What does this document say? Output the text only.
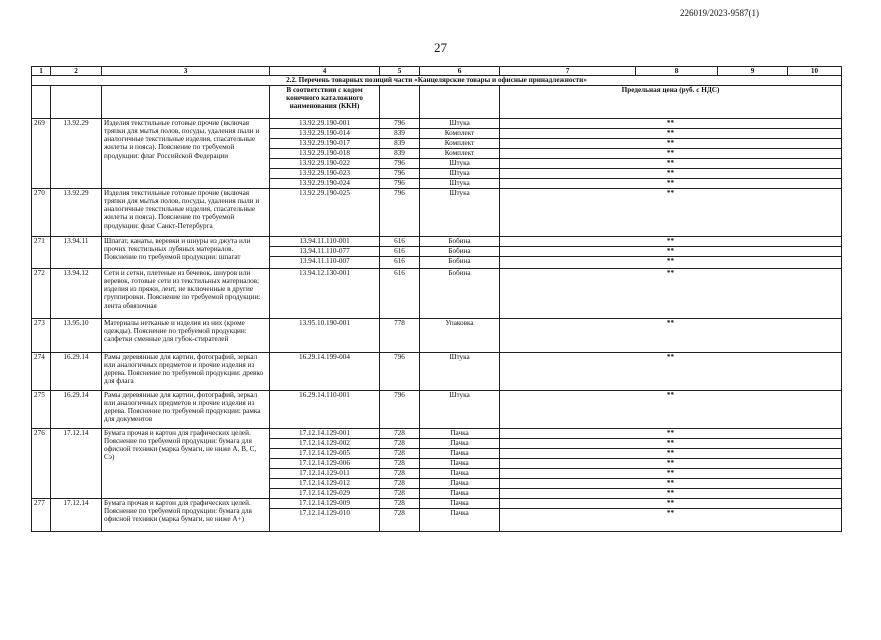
226019/2023-9587(1)
27
1	2	3	4	5	6	7	8	9	10
2.2. Перечень товарных позиций части «Канцелярские товары и офисные принадлежности»									
			В соответствии с кодом конечного каталожного наименования (ККН)			Предельная цена (руб. с НДС)			
269	13.92.29	Изделия текстильные готовые прочие (включая тряпки для мытья полов, посуды, удаления пыли и аналогичные текстильные изделия, спасательные жилеты и пояса). Пояснение по требуемой продукции: флаг Российской Федерации	13.92.29.190-001	796	Штука	**			
			13.92.29.190-014	839	Комплект	**			
			13.92.29.190-017	839	Комплект	**			
			13.92.29.190-018	839	Комплект	**			
			13.92.29.190-022	796	Штука	**			
			13.92.29.190-023	796	Штука	**			
			13.92.29.190-024	796	Штука	**			
270	13.92.29	Изделия текстильные готовые прочие (включая тряпки для мытья полов, посуды, удаления пыли и аналогичные текстильные изделия, спасательные жилеты и пояса). Пояснение по требуемой продукции: флаг Санкт-Петербурга	13.92.29.190-025	796	Штука	**			
271	13.94.11	Шпагат, канаты, веревки и шнуры из джута или прочих текстильных лубяных материалов. Пояснение по требуемой продукции: шпагат	13.94.11.110-001	616	Бобина	**			
			13.94.11.110-077	616	Бобина	**			
			13.94.11.110-007	616	Бобина	**			
272	13.94.12	Сети и сетки, плетеные из бечевок, шнуров или веревок, готовые сети из текстильных материалов; изделия из пряжи, лент, не включенные в другие группировки. Пояснение по требуемой продукции: лента обвязочная	13.94.12.130-001	616	Бобина	**			
273	13.95.10	Материалы нетканые и изделия из них (кроме одежды). Пояснение по требуемой продукции: салфетки сменные для губок-стирателей	13.95.10.190-001	778	Упаковка	**			
274	16.29.14	Рамы деревянные для картин, фотографий, зеркал или аналогичных предметов и прочие изделия из дерева. Пояснение по требуемой продукции: древко для флага	16.29.14.199-004	796	Штука	**			
275	16.29.14	Рамы деревянные для картин, фотографий, зеркал или аналогичных предметов и прочие изделия из дерева. Пояснение по требуемой продукции: рамка для документов	16.29.14.110-001	796	Штука	**			
276	17.12.14	Бумага прочая и картон для графических целей. Пояснение по требуемой продукции: бумага для офисной техники (марка бумаги, не ниже А, В, С, Сэ)	17.12.14.129-001	728	Пачка	**			
			17.12.14.129-002	728	Пачка	**			
			17.12.14.129-005	728	Пачка	**			
			17.12.14.129-006	728	Пачка	**			
			17.12.14.129-011	728	Пачка	**			
			17.12.14.129-012	728	Пачка	**			
			17.12.14.129-029	728	Пачка	**			
277	17.12.14	Бумага прочая и картон для графических целей. Пояснение по требуемой продукции: бумага для офисной техники (марка бумаги, не ниже А+)	17.12.14.129-009	728	Пачка	**			
			17.12.14.129-010	728	Пачка	**			
